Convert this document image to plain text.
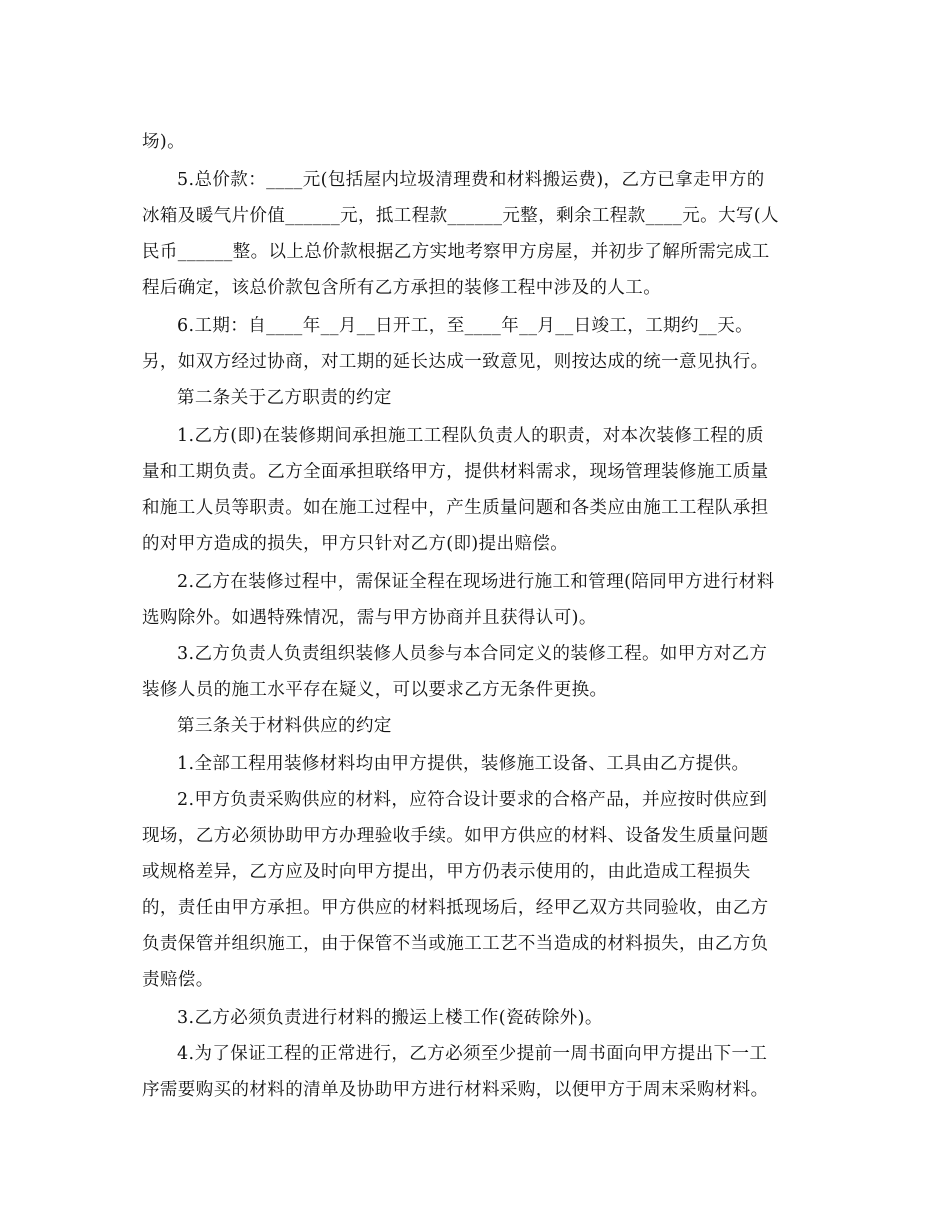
场)。
5.总价款：____元(包括屋内垃圾清理费和材料搬运费)，乙方已拿走甲方的
冰箱及暖气片价值______元，抵工程款______元整，剩余工程款____元。大写(人
民币______整。以上总价款根据乙方实地考察甲方房屋，并初步了解所需完成工
程后确定，该总价款包含所有乙方承担的装修工程中涉及的人工。
6.工期：自____年__月__日开工，至____年__月__日竣工，工期约__天。
另，如双方经过协商，对工期的延长达成一致意见，则按达成的统一意见执行。
第二条关于乙方职责的约定
1.乙方(即)在装修期间承担施工工程队负责人的职责，对本次装修工程的质
量和工期负责。乙方全面承担联络甲方，提供材料需求，现场管理装修施工质量
和施工人员等职责。如在施工过程中，产生质量问题和各类应由施工工程队承担
的对甲方造成的损失，甲方只针对乙方(即)提出赔偿。
2.乙方在装修过程中，需保证全程在现场进行施工和管理(陪同甲方进行材料
选购除外。如遇特殊情况，需与甲方协商并且获得认可)。
3.乙方负责人负责组织装修人员参与本合同定义的装修工程。如甲方对乙方
装修人员的施工水平存在疑义，可以要求乙方无条件更换。
第三条关于材料供应的约定
1.全部工程用装修材料均由甲方提供，装修施工设备、工具由乙方提供。
2.甲方负责采购供应的材料，应符合设计要求的合格产品，并应按时供应到
现场，乙方必须协助甲方办理验收手续。如甲方供应的材料、设备发生质量问题
或规格差异，乙方应及时向甲方提出，甲方仍表示使用的，由此造成工程损失
的，责任由甲方承担。甲方供应的材料抵现场后，经甲乙双方共同验收，由乙方
负责保管并组织施工，由于保管不当或施工工艺不当造成的材料损失，由乙方负
责赔偿。
3.乙方必须负责进行材料的搬运上楼工作(瓷砖除外)。
4.为了保证工程的正常进行，乙方必须至少提前一周书面向甲方提出下一工
序需要购买的材料的清单及协助甲方进行材料采购，以便甲方于周末采购材料。
